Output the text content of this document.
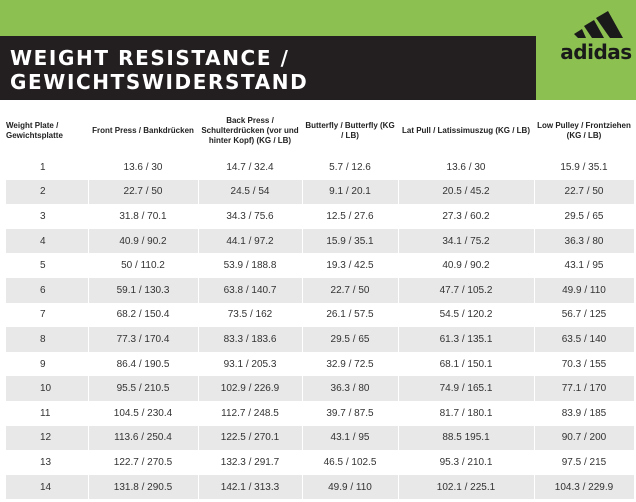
WEIGHT RESISTANCE /
GEWICHTSWIDERSTAND
adidas
Weight Plate / Gewichtsplatte	Front Press / Bankdrücken	Back Press / Schulterdrücken (vor und hinter Kopf) (KG / LB)	Butterfly / Butterfly (KG / LB)	Lat Pull / Latissimuszug (KG / LB)	Low Pulley / Frontziehen (KG / LB)
1	13.6 / 30	14.7 / 32.4	5.7 / 12.6	13.6 / 30	15.9 / 35.1
2	22.7 / 50	24.5 / 54	9.1 / 20.1	20.5 / 45.2	22.7 / 50
3	31.8 / 70.1	34.3 / 75.6	12.5 / 27.6	27.3 / 60.2	29.5 / 65
4	40.9 / 90.2	44.1 / 97.2	15.9 / 35.1	34.1 / 75.2	36.3 / 80
5	50 / 110.2	53.9 / 188.8	19.3 / 42.5	40.9 / 90.2	43.1 / 95
6	59.1 / 130.3	63.8 / 140.7	22.7 / 50	47.7 / 105.2	49.9 / 110
7	68.2 / 150.4	73.5 / 162	26.1 / 57.5	54.5 / 120.2	56.7 / 125
8	77.3 / 170.4	83.3 / 183.6	29.5 / 65	61.3 / 135.1	63.5 / 140
9	86.4 / 190.5	93.1 / 205.3	32.9 / 72.5	68.1 / 150.1	70.3 / 155
10	95.5 / 210.5	102.9 / 226.9	36.3 / 80	74.9 / 165.1	77.1 / 170
11	104.5 / 230.4	112.7 / 248.5	39.7 / 87.5	81.7 / 180.1	83.9 / 185
12	113.6 / 250.4	122.5 / 270.1	43.1 / 95	88.5 195.1	90.7 / 200
13	122.7 / 270.5	132.3 / 291.7	46.5 / 102.5	95.3 / 210.1	97.5 / 215
14	131.8 / 290.5	142.1 / 313.3	49.9 / 110	102.1 / 225.1	104.3 / 229.9
